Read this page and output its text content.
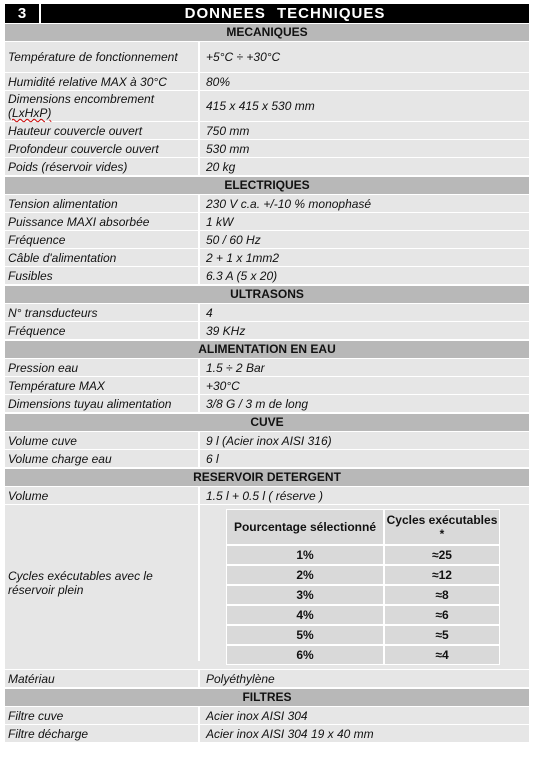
3	DONNEES TECHNIQUES
MECANIQUES
Température de fonctionnement	+5°C ÷ +30°C
Humidité relative MAX à 30°C	80%
Dimensions encombrement
(LxHxP)	415 x 415 x 530 mm
Hauteur couvercle ouvert	750 mm
Profondeur couvercle ouvert	530 mm
Poids (réservoir vides)	20 kg
ELECTRIQUES
Tension alimentation	230 V c.a. +/-10 % monophasé
Puissance MAXI absorbée	1 kW
Fréquence	50 / 60 Hz
Câble d'alimentation	2 + 1 x 1mm2
Fusibles	6.3 A (5 x 20)
ULTRASONS
N° transducteurs	4
Fréquence	39 KHz
ALIMENTATION EN EAU
Pression eau	1.5 ÷ 2 Bar
Température MAX	+30°C
Dimensions tuyau alimentation	3/8 G / 3 m de long
CUVE
Volume cuve	9 l (Acier inox AISI 316)
Volume charge eau	6 l
RESERVOIR DETERGENT
Volume	1.5 l + 0.5 l ( réserve )
Cycles exécutables avec le réservoir plein
Pourcentage sélectionné	Cycles exécutables *
1%	≈25
2%	≈12
3%	≈8
4%	≈6
5%	≈5
6%	≈4
Matériau	Polyéthylène
FILTRES
Filtre cuve	Acier inox AISI 304
Filtre décharge	Acier inox AISI 304 19 x 40 mm
